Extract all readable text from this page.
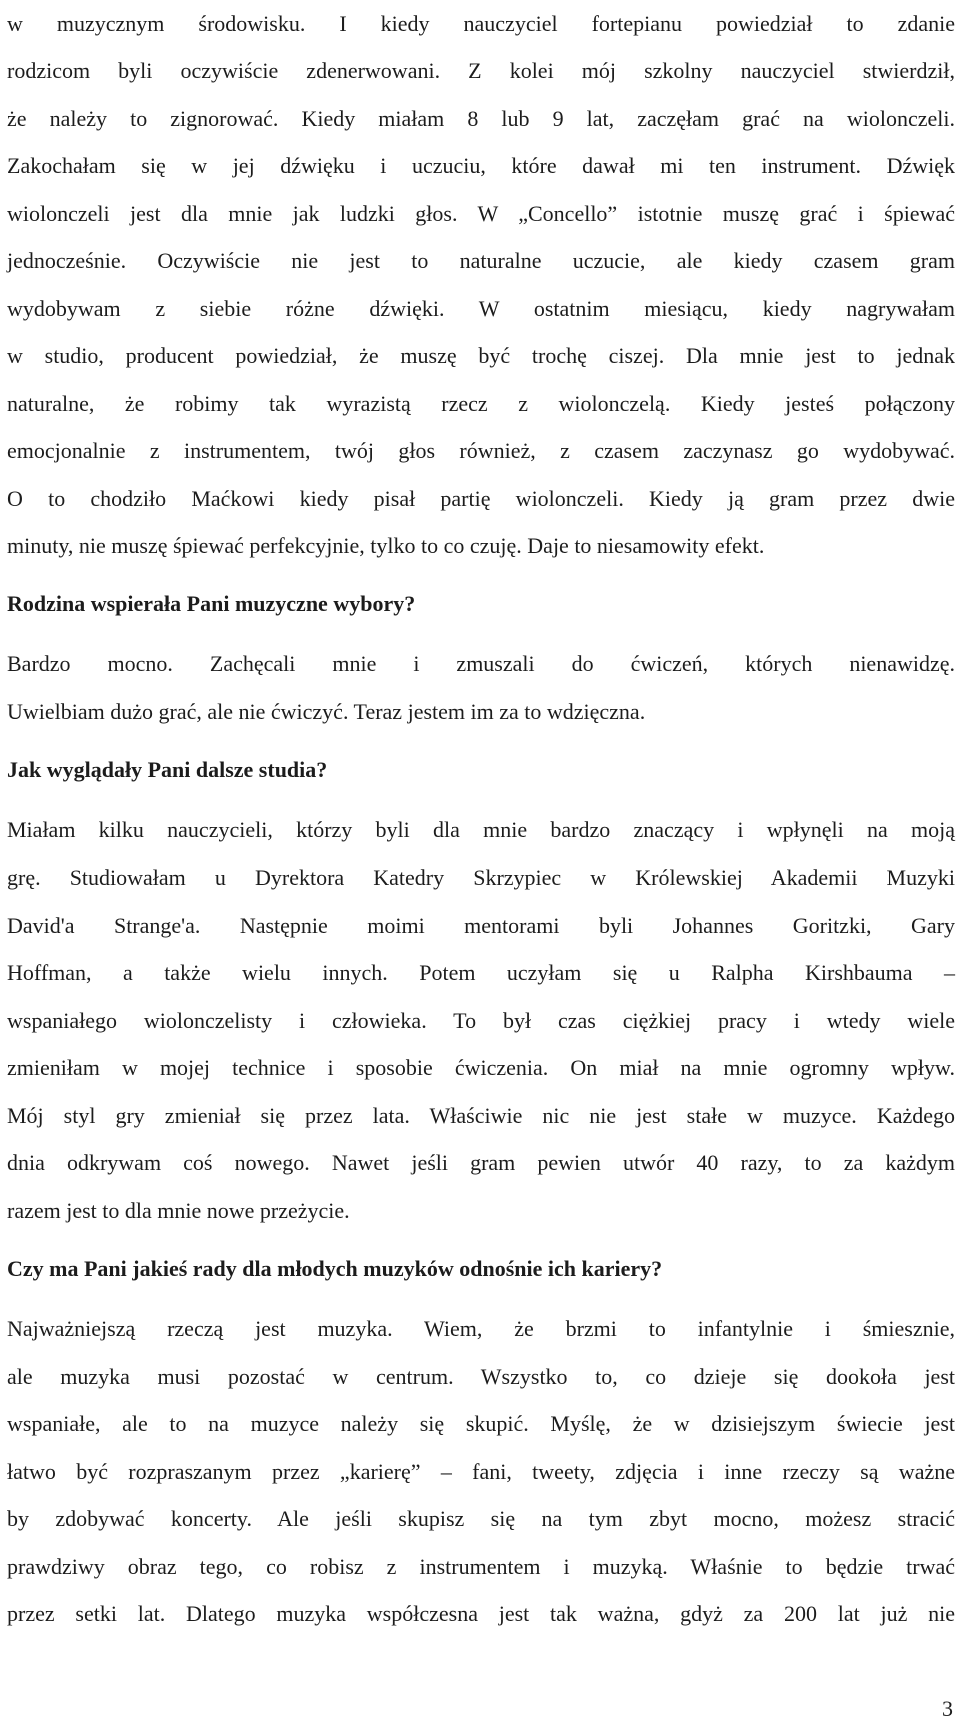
w muzycznym środowisku. I kiedy nauczyciel fortepianu powiedział to zdanie
rodzicom byli oczywiście zdenerwowani. Z kolei mój szkolny nauczyciel stwierdził,
że należy to zignorować. Kiedy miałam 8 lub 9 lat, zaczęłam grać na wiolonczeli.
Zakochałam się w jej dźwięku i uczuciu, które dawał mi ten instrument. Dźwięk
wiolonczeli jest dla mnie jak ludzki głos. W „Concello” istotnie muszę grać i śpiewać
jednocześnie. Oczywiście nie jest to naturalne uczucie, ale kiedy czasem gram
wydobywam z siebie różne dźwięki. W ostatnim miesiącu, kiedy nagrywałam
w studio, producent powiedział, że muszę być trochę ciszej. Dla mnie jest to jednak
naturalne, że robimy tak wyrazistą rzecz z wiolonczelą. Kiedy jesteś połączony
emocjonalnie z instrumentem, twój głos również, z czasem zaczynasz go wydobywać.
O to chodziło Maćkowi kiedy pisał partię wiolonczeli. Kiedy ją gram przez dwie
minuty, nie muszę śpiewać perfekcyjnie, tylko to co czuję. Daje to niesamowity efekt.
Rodzina wspierała Pani muzyczne wybory?
Bardzo mocno. Zachęcali mnie i zmuszali do ćwiczeń, których nienawidzę.
Uwielbiam dużo grać, ale nie ćwiczyć. Teraz jestem im za to wdzięczna.
Jak wyglądały Pani dalsze studia?
Miałam kilku nauczycieli, którzy byli dla mnie bardzo znaczący i wpłynęli na moją
grę. Studiowałam u Dyrektora Katedry Skrzypiec w Królewskiej Akademii Muzyki
David'a Strange'a. Następnie moimi mentorami byli Johannes Goritzki, Gary
Hoffman, a także wielu innych. Potem uczyłam się u Ralpha Kirshbauma –
wspaniałego wiolonczelisty i człowieka. To był czas ciężkiej pracy i wtedy wiele
zmieniłam w mojej technice i sposobie ćwiczenia. On miał na mnie ogromny wpływ.
Mój styl gry zmieniał się przez lata. Właściwie nic nie jest stałe w muzyce. Każdego
dnia odkrywam coś nowego. Nawet jeśli gram pewien utwór 40 razy, to za każdym
razem jest to dla mnie nowe przeżycie.
Czy ma Pani jakieś rady dla młodych muzyków odnośnie ich kariery?
Najważniejszą rzeczą jest muzyka. Wiem, że brzmi to infantylnie i śmiesznie,
ale muzyka musi pozostać w centrum. Wszystko to, co dzieje się dookoła jest
wspaniałe, ale to na muzyce należy się skupić. Myślę, że w dzisiejszym świecie jest
łatwo być rozpraszanym przez „karierę” – fani, tweety, zdjęcia i inne rzeczy są ważne
by zdobywać koncerty. Ale jeśli skupisz się na tym zbyt mocno, możesz stracić
prawdziwy obraz tego, co robisz z instrumentem i muzyką. Właśnie to będzie trwać
przez setki lat. Dlatego muzyka współczesna jest tak ważna, gdyż za 200 lat już nie
3
